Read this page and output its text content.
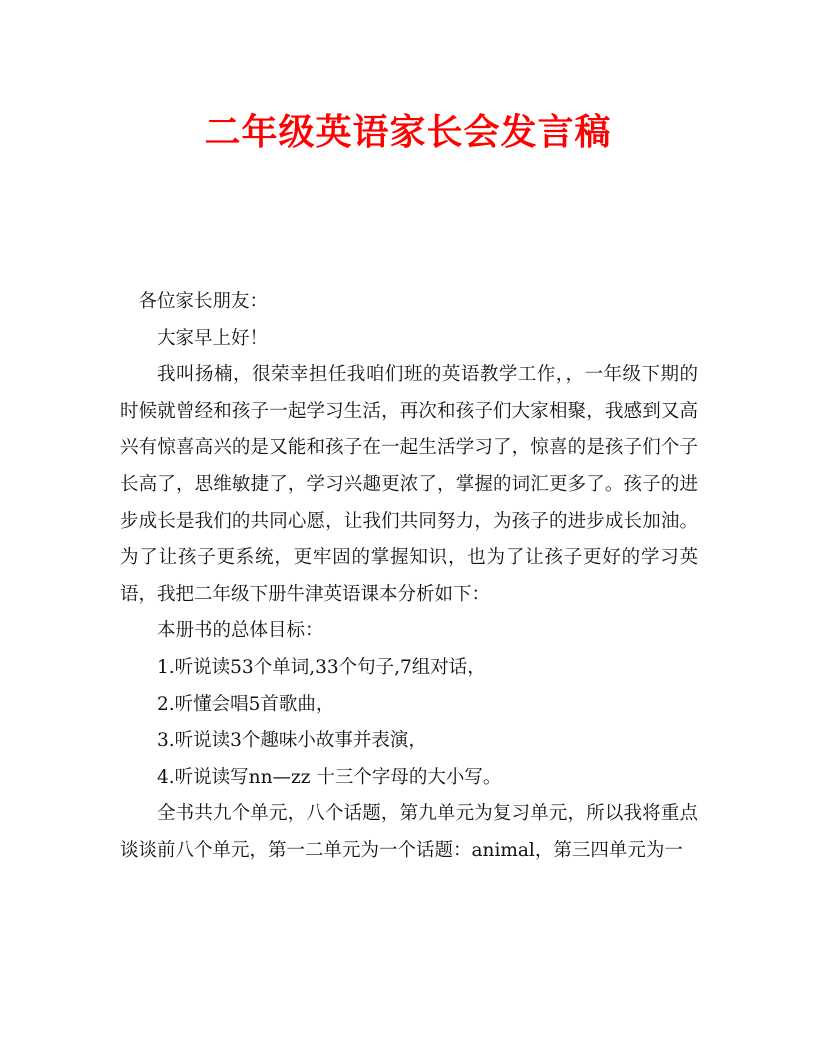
二年级英语家长会发言稿

各位家长朋友：

大家早上好！

我叫扬楠，很荣幸担任我咱们班的英语教学工作，，一年级下期的时候就曾经和孩子一起学习生活，再次和孩子们大家相聚，我感到又高兴有惊喜高兴的是又能和孩子在一起生活学习了，惊喜的是孩子们个子长高了，思维敏捷了，学习兴趣更浓了，掌握的词汇更多了。孩子的进步成长是我们的共同心愿，让我们共同努力，为孩子的进步成长加油。为了让孩子更系统，更牢固的掌握知识，也为了让孩子更好的学习英语，我把二年级下册牛津英语课本分析如下：

本册书的总体目标：

1.听说读53个单词,33个句子,7组对话，

2.听懂会唱5首歌曲，

3.听说读3个趣味小故事并表演，

4.听说读写nn—zz 十三个字母的大小写。

全书共九个单元，八个话题，第九单元为复习单元，所以我将重点谈谈前八个单元，第一二单元为一个话题：animal，第三四单元为一
